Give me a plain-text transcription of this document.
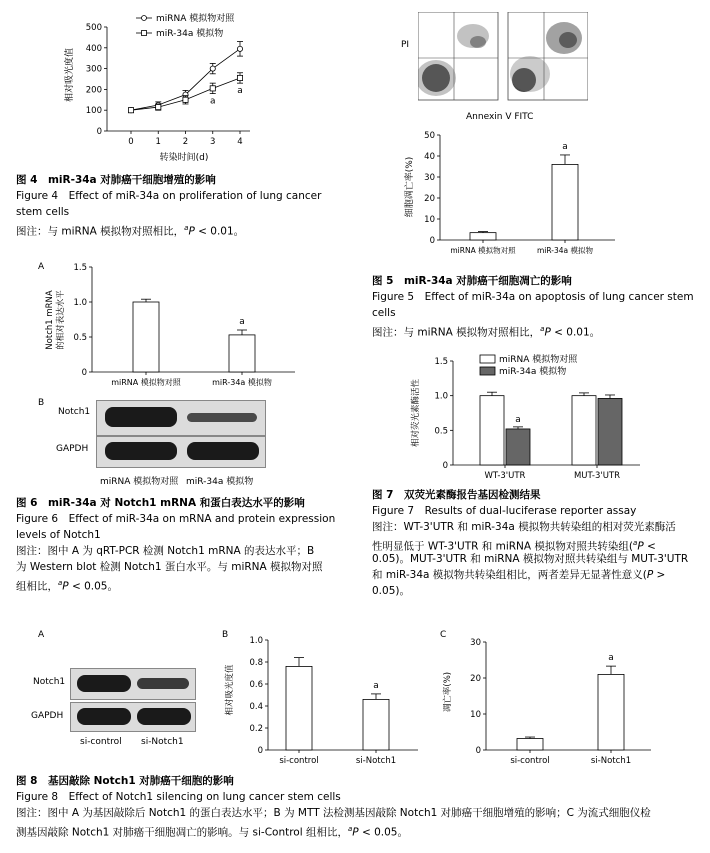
0
100
200
300
400
500
0	1	2	3	4
a
a
相对吸光度值
转染时间(d)
miRNA 模拟物对照
miR-34a 模拟物
图 4　miR-34a 对肺癌干细胞增殖的影响
Figure 4　Effect of miR-34a on proliferation of lung cancer
stem cells
图注：与 miRNA 模拟物对照相比，$^a$P < 0.01。
PI
Annexin V FITC
0
10
20
30
40
50
miRNA 模拟物对照	miR-34a 模拟物
a
细胞凋亡率(%)
图 5　miR-34a 对肺癌干细胞凋亡的影响
Figure 5　Effect of miR-34a on apoptosis of lung cancer stem
cells
图注：与 miRNA 模拟物对照相比，$^a$P < 0.01。
A
0
0.5
1.0
1.5
miRNA 模拟物对照	miR-34a 模拟物
a
Notch1 mRNA 的相对表达水平
B
Notch1
GAPDH
miRNA 模拟物对照 miR-34a 模拟物
图 6　miR-34a 对 Notch1 mRNA 和蛋白表达水平的影响
Figure 6　Effect of miR-34a on mRNA and protein expression
levels of Notch1
图注：图中 A 为 qRT-PCR 检测 Notch1 mRNA 的表达水平；B
为 Western blot 检测 Notch1 蛋白水平。与 miRNA 模拟物对照
组相比，$^a$P < 0.05。
0
0.5
1.0
1.5
a
WT-3'UTR	MUT-3'UTR
相对荧光素酶活性
miRNA 模拟物对照
miR-34a 模拟物
图 7　双荧光素酶报告基因检测结果
Figure 7　Results of dual-luciferase reporter assay
图注：WT-3'UTR 和 miR-34a 模拟物共转染组的相对荧光素酶活
性明显低于 WT-3'UTR 和 miRNA 模拟物对照共转染组($^a$P <
0.05)。MUT-3'UTR 和 miRNA 模拟物对照共转染组与 MUT-3'UTR
和 miR-34a 模拟物共转染组相比，两者差异无显著性意义(P >
0.05)。
A
Notch1
GAPDH
si-control si-Notch1
B
0
0.2
0.4
0.6
0.8
1.0
si-control	si-Notch1
a
相对吸光度值
C
0
10
20
30
si-control	si-Notch1
a
凋亡率(%)
图 8　基因敲除 Notch1 对肺癌干细胞的影响
Figure 8　Effect of Notch1 silencing on lung cancer stem cells
图注：图中 A 为基因敲除后 Notch1 的蛋白表达水平；B 为 MTT 法检测基因敲除 Notch1 对肺癌干细胞增殖的影响；C 为流式细胞仪检
测基因敲除 Notch1 对肺癌干细胞凋亡的影响。与 si-Control 组相比，$^a$P < 0.05。
